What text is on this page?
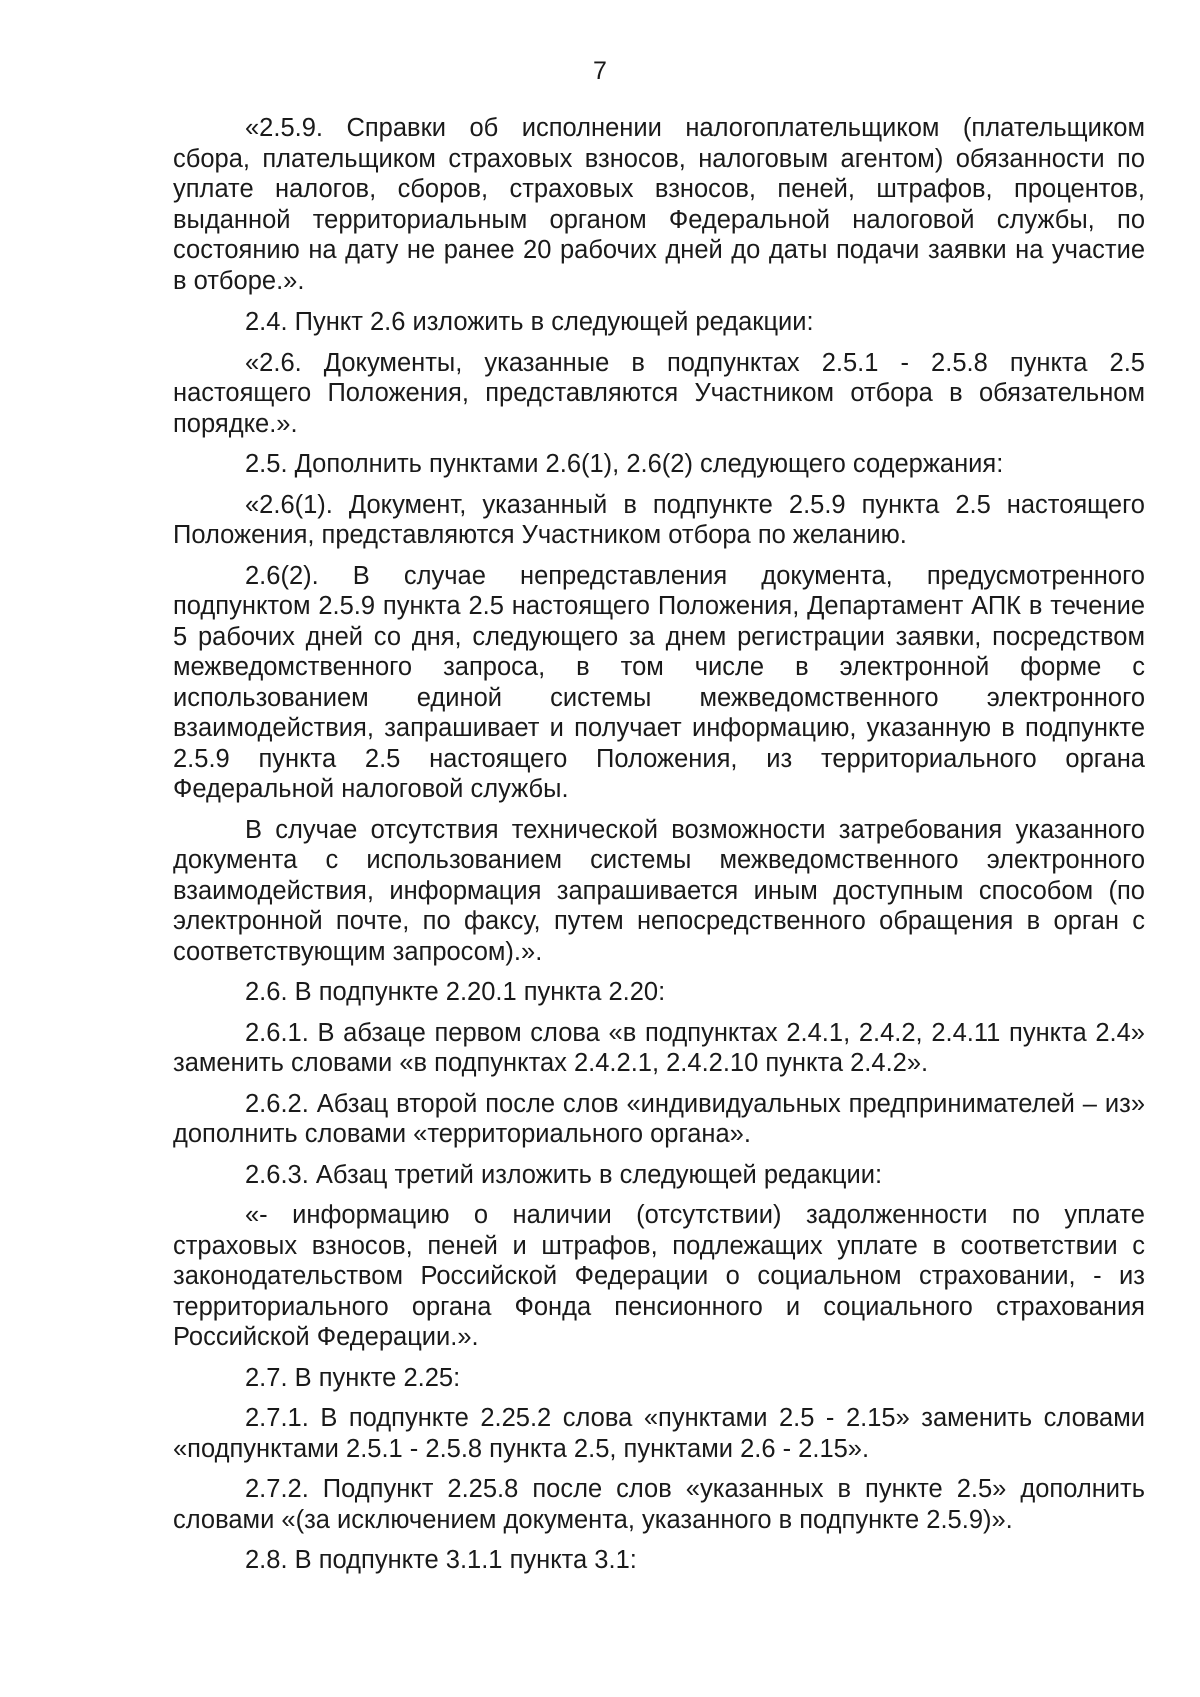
7

«2.5.9. Справки об исполнении налогоплательщиком (плательщиком сбора, плательщиком страховых взносов, налоговым агентом) обязанности по уплате налогов, сборов, страховых взносов, пеней, штрафов, процентов, выданной территориальным органом Федеральной налоговой службы, по состоянию на дату не ранее 20 рабочих дней до даты подачи заявки на участие в отборе.».

2.4. Пункт 2.6 изложить в следующей редакции:

«2.6. Документы, указанные в подпунктах 2.5.1 - 2.5.8 пункта 2.5 настоящего Положения, представляются Участником отбора в обязательном порядке.».

2.5. Дополнить пунктами 2.6(1), 2.6(2) следующего содержания:

«2.6(1). Документ, указанный в подпункте 2.5.9 пункта 2.5 настоящего Положения, представляются Участником отбора по желанию.

2.6(2). В случае непредставления документа, предусмотренного подпунктом 2.5.9 пункта 2.5 настоящего Положения, Департамент АПК в течение 5 рабочих дней со дня, следующего за днем регистрации заявки, посредством межведомственного запроса, в том числе в электронной форме с использованием единой системы межведомственного электронного взаимодействия, запрашивает и получает информацию, указанную в подпункте 2.5.9 пункта 2.5 настоящего Положения, из территориального органа Федеральной налоговой службы.

В случае отсутствия технической возможности затребования указанного документа с использованием системы межведомственного электронного взаимодействия, информация запрашивается иным доступным способом (по электронной почте, по факсу, путем непосредственного обращения в орган с соответствующим запросом).».

2.6. В подпункте 2.20.1 пункта 2.20:

2.6.1. В абзаце первом слова «в подпунктах 2.4.1, 2.4.2, 2.4.11 пункта 2.4» заменить словами «в подпунктах 2.4.2.1, 2.4.2.10 пункта 2.4.2».

2.6.2. Абзац второй после слов «индивидуальных предпринимателей – из» дополнить словами «территориального органа».

2.6.3. Абзац третий изложить в следующей редакции:

«- информацию о наличии (отсутствии) задолженности по уплате страховых взносов, пеней и штрафов, подлежащих уплате в соответствии с законодательством Российской Федерации о социальном страховании, - из территориального органа Фонда пенсионного и социального страхования Российской Федерации.».

2.7. В пункте 2.25:

2.7.1. В подпункте 2.25.2 слова «пунктами 2.5 - 2.15» заменить словами «подпунктами 2.5.1 - 2.5.8 пункта 2.5, пунктами 2.6 - 2.15».

2.7.2. Подпункт 2.25.8 после слов «указанных в пункте 2.5» дополнить словами «(за исключением документа, указанного в подпункте 2.5.9)».

2.8. В подпункте 3.1.1 пункта 3.1:
